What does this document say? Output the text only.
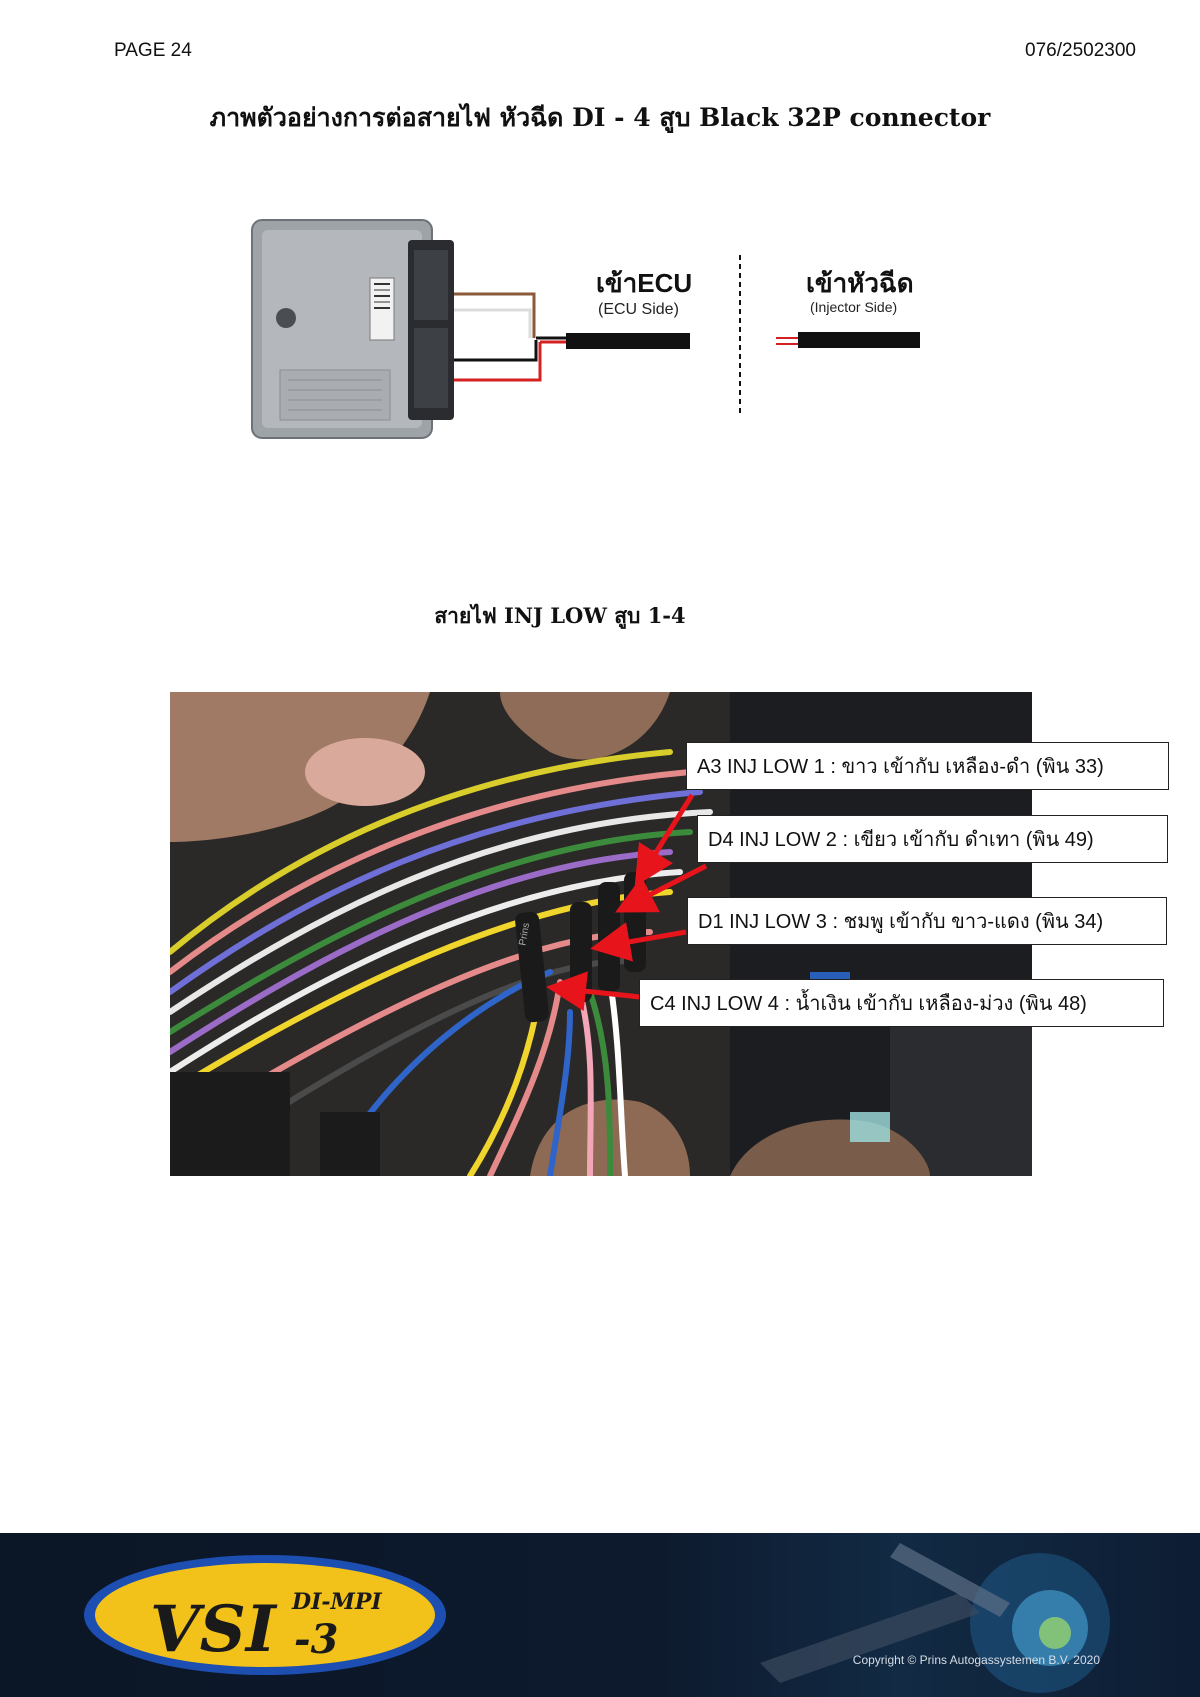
PAGE 24	076/2502300
ภาพตัวอย่างการต่อสายไฟ หัวฉีด DI - 4 สูบ Black 32P connector
เข้าECU
(ECU Side)
เข้าหัวฉีด
(Injector Side)
สายไฟ INJ LOW สูบ 1-4
Prins
A3 INJ LOW 1 : ขาว เข้ากับ เหลือง-ดำ (พิน 33)
D4 INJ LOW 2 : เขียว เข้ากับ ดำเทา (พิน 49)
D1 INJ LOW 3 : ชมพู เข้ากับ ขาว-แดง (พิน 34)
C4 INJ LOW 4 : น้ำเงิน เข้ากับ เหลือง-ม่วง (พิน 48)
VSI DI-MPI
-3	Copyright © Prins Autogassystemen B.V. 2020
